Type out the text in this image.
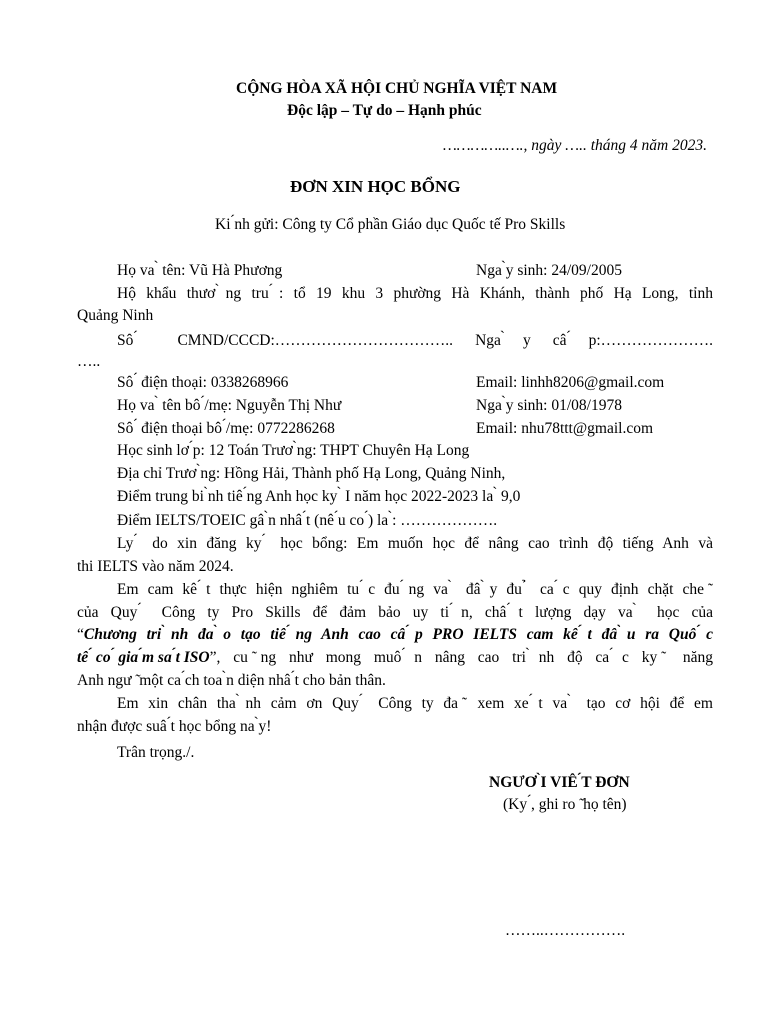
CỘNG HÒA XÃ HỘI CHỦ NGHĨA VIỆT NAM
Độc lập – Tự do – Hạnh phúc
…………..…., ngày ….. tháng 4 năm 2023.
ĐƠN XIN HỌC BỔNG
Ki ́nh gửi: Công ty Cổ phần Giáo dục Quốc tế Pro Skills
Họ va ̀ tên: Vũ Hà Phương	Nga ̀y sinh: 24/09/2005
Hộ khẩu thươ ̀ng tru ́: tổ 19 khu 3 phường Hà Khánh, thành phố Hạ Long, tỉnh
Quảng Ninh
Sô ́ CMND/CCCD:…………………………….. Nga ̀y câ ́p:………………….
…..
Sô ́ điện thoại: 0338268966	Email: linhh8206@gmail.com
Họ va ̀ tên bô ́/mẹ: Nguyễn Thị Như	Nga ̀y sinh: 01/08/1978
Sô ́ điện thoại bô ́/mẹ: 0772286268	Email: nhu78ttt@gmail.com
Học sinh lơ ́p: 12 Toán Trươ ̀ng: THPT Chuyên Hạ Long
Địa chỉ Trươ ̀ng: Hồng Hải, Thành phố Hạ Long, Quảng Ninh,
Điểm trung bi ̀nh tiê ́ng Anh học ky ̀ I năm học 2022-2023 la ̀ 9,0
Điểm IELTS/TOEIC gâ ̀n nhâ ́t (nê ́u co ́) la ̀: ……………….
Ly ́ do xin đăng ky ́ học bổng: Em muốn học để nâng cao trình độ tiếng Anh và
thi IELTS vào năm 2024.
Em cam kê ́t thực hiện nghiêm tu ́c đu ́ng va ̀ đâ ̀y đu ̉ ca ́c quy định chặt che ̃
của Quy ́ Công ty Pro Skills để đảm bảo uy ti ́n, châ ́t lượng dạy va ̀ học của
“ Chương tri ̀nh đa ̀o tạo tiê ́ng Anh cao câ ́p PRO IELTS cam kê ́t đâ ̀u ra Quô ́c
tê ́ co ́ gia ́m sa ́t ISO ”, cu ̃ng như mong muô ́n nâng cao tri ̀nh độ ca ́c ky ̃ năng
Anh ngư ̃ một ca ́ch toa ̀n diện nhâ ́t cho bản thân.
Em xin chân tha ̀nh cảm ơn Quy ́ Công ty đa ̃ xem xe ́t va ̀ tạo cơ hội để em
nhận được suâ ́t học bổng na ̀y!
Trân trọng./.
NGƯƠ ̀I VIÊ ́T ĐƠN
(Ky ́, ghi ro ̃ họ tên)
……..…………….
